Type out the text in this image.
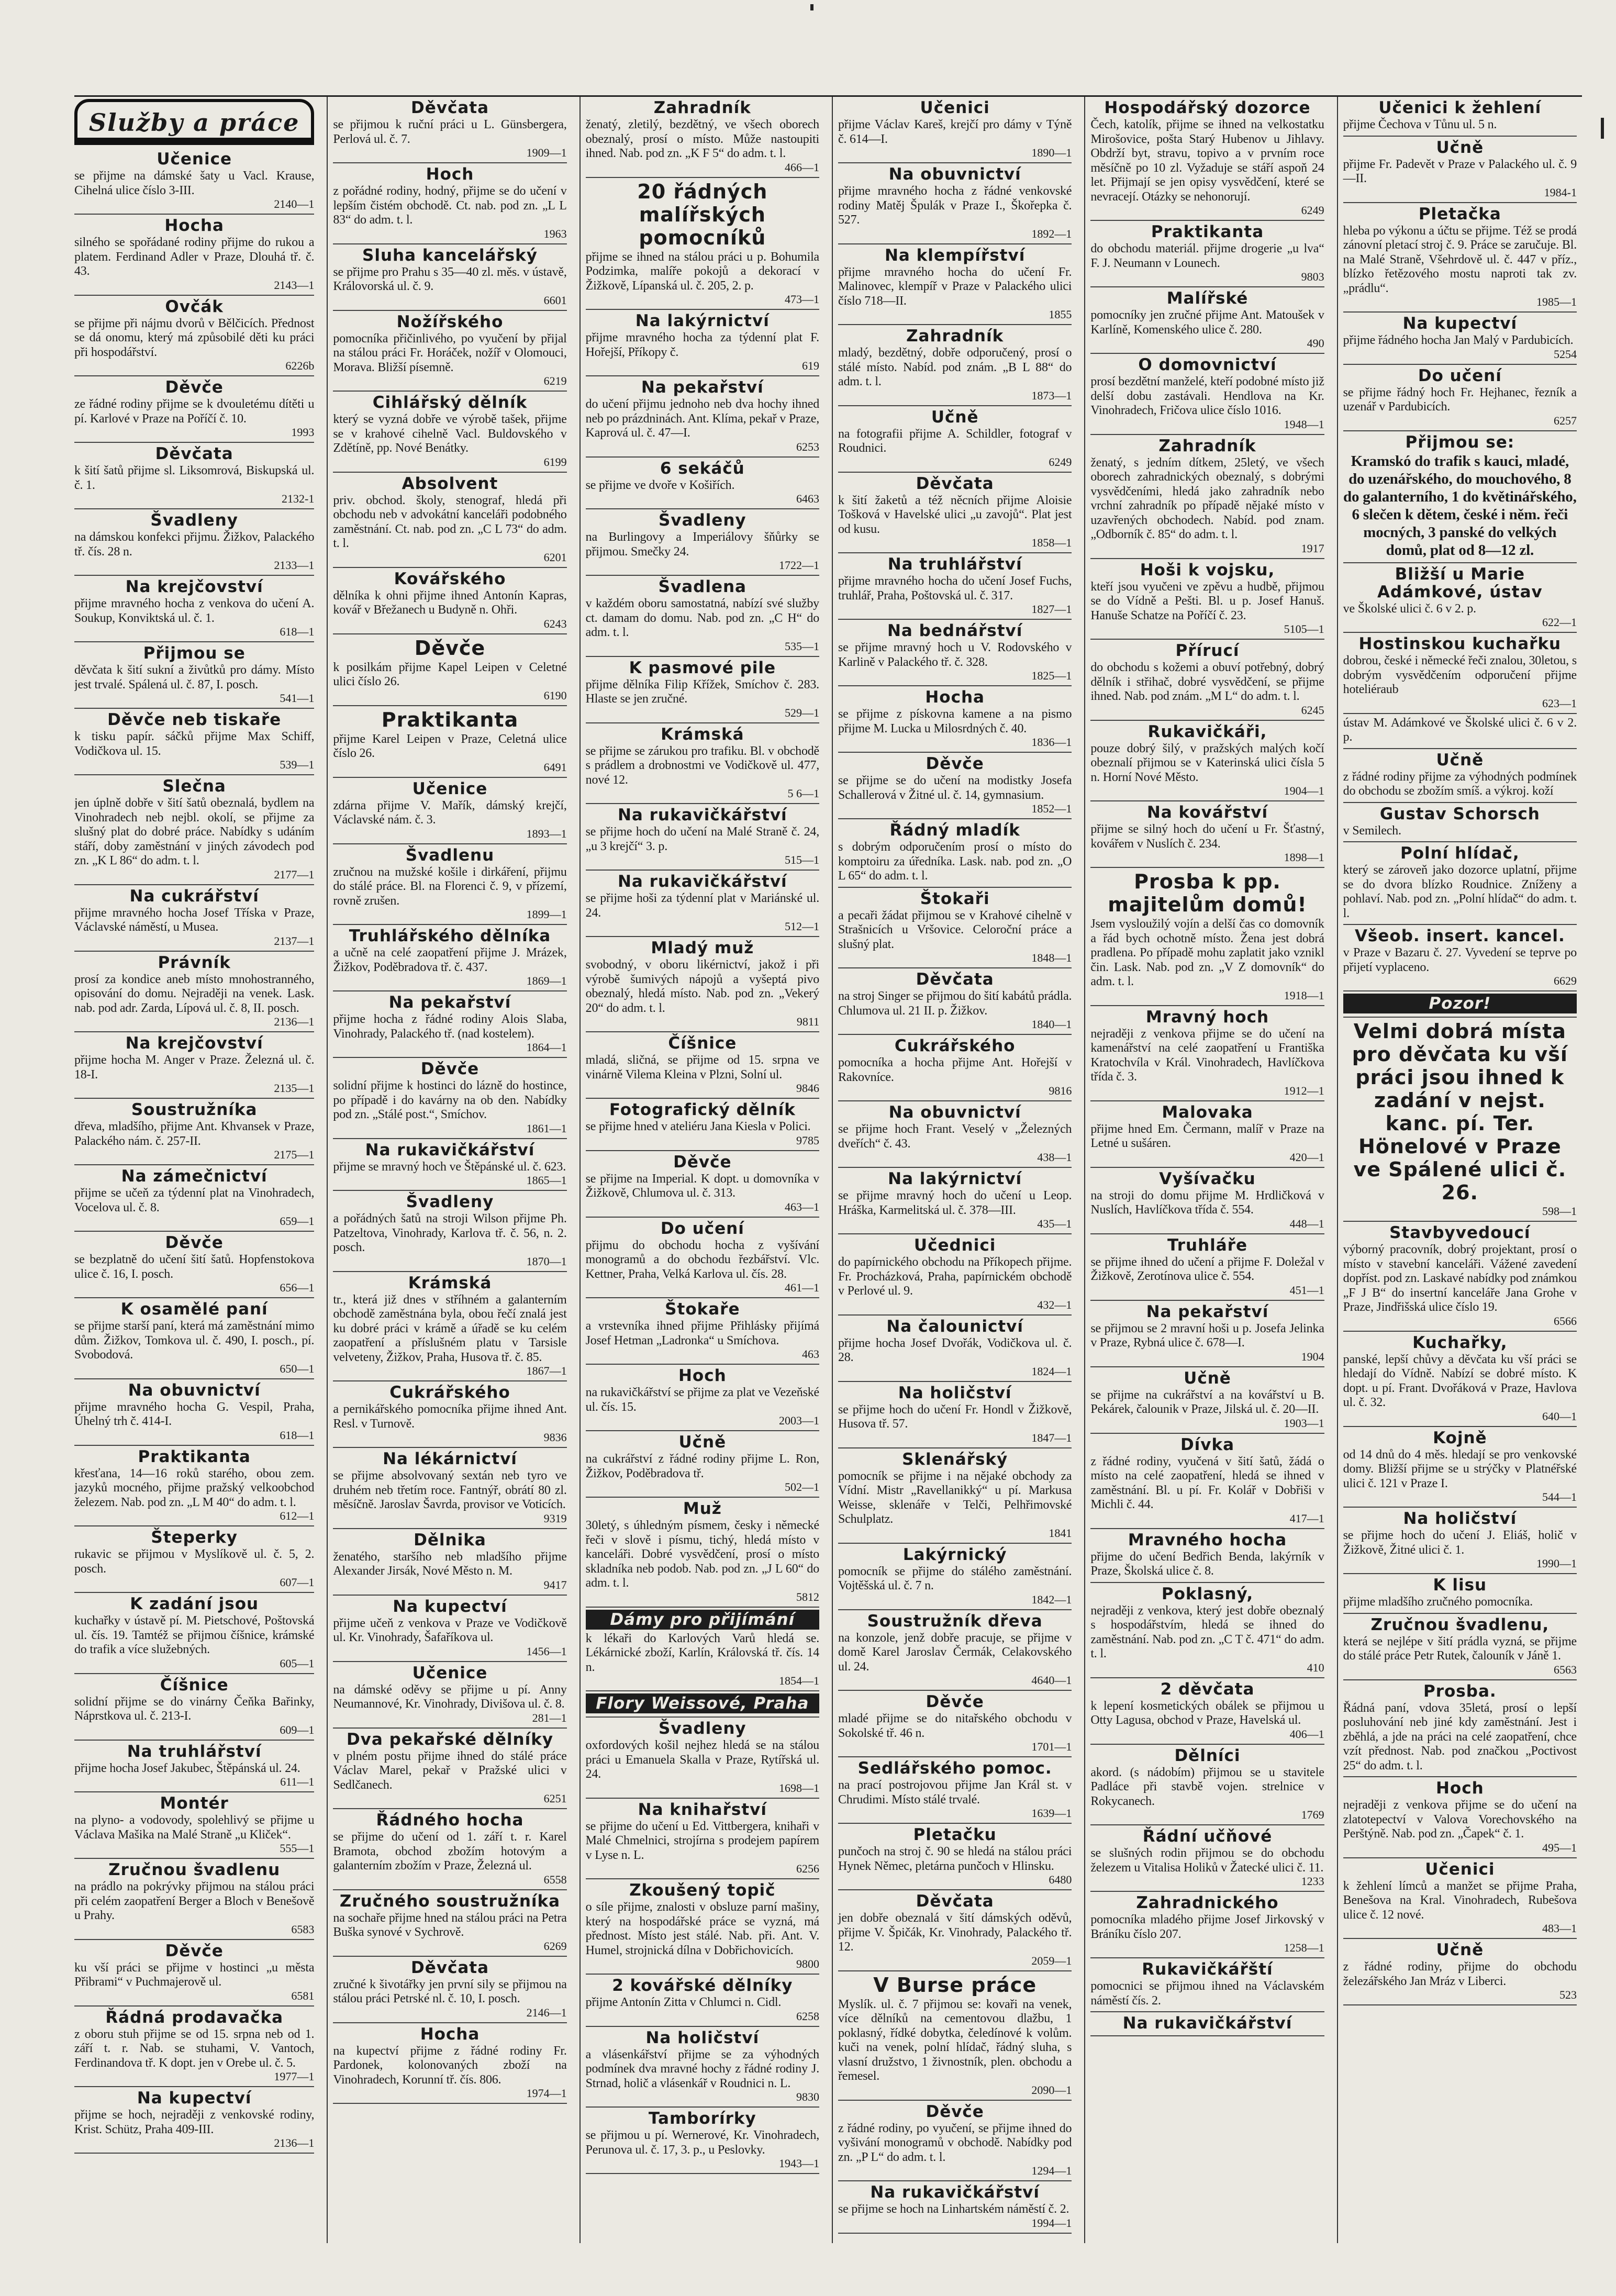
Služby a práce
Učenice

se přijme na dámské šaty u Vacl. Krause, Cihelná ulice číslo 3-III.

2140—1
Hocha

silného se spořádané rodiny přijme do rukou a platem. Ferdinand Adler v Praze, Dlouhá tř. č. 43.

2143—1
Ovčák

se přijme při nájmu dvorů v Bělčicích. Přednost se dá onomu, který má způsobilé děti ku práci při hospodářství.

6226b
Děvče

ze řádné rodiny přijme se k dvouletému dítěti u pí. Karlové v Praze na Poříčí č. 10.

1993
Děvčata

k šití šatů přijme sl. Liksomrová, Biskupská ul. č. 1.

2132-1
Švadleny

na dámskou konfekci přijmu. Žižkov, Palackého tř. čís. 28 n.

2133—1
Na krejčovství

přijme mravného hocha z venkova do učení A. Soukup, Konviktská ul. č. 1.

618—1
Přijmou se

děvčata k šití sukní a živůtků pro dámy. Místo jest trvalé. Spálená ul. č. 87, I. posch.

541—1
Děvče neb tiskaře

k tisku papír. sáčků přijme Max Schiff, Vodičkova ul. 15.

539—1
Slečna

jen úplně dobře v šití šatů obeznalá, bydlem na Vinohradech neb nejbl. okolí, se přijme za slušný plat do dobré práce. Nabídky s udáním stáří, doby zaměstnání v jiných závodech pod zn. „K L 86“ do adm. t. l.

2177—1
Na cukrářství

přijme mravného hocha Josef Tříska v Praze, Václavské náměstí, u Musea.

2137—1
Právník

prosí za kondice aneb místo mnohostranného, opisování do domu. Nejraději na venek. Lask. nab. pod adr. Zarda, Lípová ul. č. 8, II. posch.

2136—1
Na krejčovství

přijme hocha M. Anger v Praze. Železná ul. č. 18-I.

2135—1
Soustružníka

dřeva, mladšího, přijme Ant. Khvansek v Praze, Palackého nám. č. 257-II.

2175—1
Na zámečnictví

přijme se učeň za týdenní plat na Vinohradech, Vocelova ul. č. 8.

659—1
Děvče

se bezplatně do učení šití šatů. Hopfenstokova ulice č. 16, I. posch.

656—1
K osamělé paní

se přijme starší paní, která má zaměstnání mimo dům. Žižkov, Tomkova ul. č. 490, I. posch., pí. Svobodová.

650—1
Na obuvnictví

přijme mravného hocha G. Vespil, Praha, Úhelný trh č. 414-I.

618—1
Praktikanta

křesťana, 14—16 roků starého, obou zem. jazyků mocného, přijme pražský velkoobchod železem. Nab. pod zn. „L M 40“ do adm. t. l.

612—1
Šteperky

rukavic se přijmou v Myslíkově ul. č. 5, 2. posch.

607—1
K zadání jsou

kuchařky v ústavě pí. M. Pietschové, Poštovská ul. čís. 19. Tamtéž se přijmou číšnice, krámské do trafik a více služebných.

605—1
Číšnice

solidní přijme se do vinárny Čeňka Bařinky, Náprstkova ul. č. 213-I.

609—1
Na truhlářství

přijme hocha Josef Jakubec, Štěpánská ul. 24.

611—1
Montér

na plyno- a vodovody, spolehlivý se přijme u Václava Mašika na Malé Straně „u Kliček“.

555—1
Zručnou švadlenu

na prádlo na pokrývky přijmou na stálou práci při celém zaopatření Berger a Bloch v Benešově u Prahy.

6583
Děvče

ku vší práci se přijme v hostinci „u města Přibrami“ v Puchmajerově ul.

6581
Řádná prodavačka

z oboru stuh přijme se od 15. srpna neb od 1. září t. r. Nab. se stuhami, V. Vantoch, Ferdinandova tř. K dopt. jen v Orebe ul. č. 5.

1977—1
Na kupectví

přijme se hoch, nejraději z venkovské rodiny, Krist. Schütz, Praha 409-III.

2136—1
Děvčata

se přijmou k ruční práci u L. Günsbergera, Perlová ul. č. 7.

1909—1
Hoch

z pořádné rodiny, hodný, přijme se do učení v lepším čistém obchodě. Ct. nab. pod zn. „L L 83“ do adm. t. l.

1963
Sluha kancelářský

se přijme pro Prahu s 35—40 zl. měs. v ústavě, Královorská ul. č. 9.

6601
Nožířského

pomocníka přičinlivého, po vyučení by přijal na stálou práci Fr. Horáček, nožíř v Olomouci, Morava. Bližší písemně.

6219
Cihlářský dělník

který se vyzná dobře ve výrobě tašek, přijme se v krahové cihelně Vacl. Buldovského v Zdětíně, pp. Nové Benátky.

6199
Absolvent

priv. obchod. školy, stenograf, hledá při obchodu neb v advokátní kanceláři podobného zaměstnání. Ct. nab. pod zn. „C L 73“ do adm. t. l.

6201
Kovářského

dělníka k ohni přijme ihned Antonín Kapras, kovář v Břežanech u Budyně n. Ohři.

6243
Děvče

k posilkám přijme Kapel Leipen v Celetné ulici číslo 26.

6190
Praktikanta

přijme Karel Leipen v Praze, Celetná ulice číslo 26.

6491
Učenice

zdárna přijme V. Mařík, dámský krejčí, Václavské nám. č. 3.

1893—1
Švadlenu

zručnou na mužské košile i dirkáření, přijmu do stálé práce. Bl. na Florenci č. 9, v přízemí, rovně zrušen.

1899—1
Truhlářského dělníka

a učně na celé zaopatření přijme J. Mrázek, Žižkov, Poděbradova tř. č. 437.

1869—1
Na pekařství

přijme hocha z řádné rodiny Alois Slaba, Vinohrady, Palackého tř. (nad kostelem).

1864—1
Děvče

solidní přijme k hostinci do lázně do hostince, po případě i do kavárny na ob den. Nabídky pod zn. „Stálé post.“, Smíchov.

1861—1
Na rukavičkářství

přijme se mravný hoch ve Štěpánské ul. č. 623.

1865—1
Švadleny

a pořádných šatů na stroji Wilson přijme Ph. Patzeltova, Vinohrady, Karlova tř. č. 56, n. 2. posch.

1870—1
Krámská

tr., která již dnes v stříhném a galanterním obchodě zaměstnána byla, obou řečí znalá jest ku dobré práci v krámě a úřadě se ku celém zaopatření a příslušném platu v Tarsisle velveteny, Žižkov, Praha, Husova tř. č. 85.

1867—1
Cukrářského

a pernikářského pomocníka přijme ihned Ant. Resl. v Turnově.

9836
Na lékárnictví

se přijme absolvovaný sextán neb tyro ve druhém neb třetím roce. Fantnýř, obrátí 80 zl. měsíčně. Jaroslav Šavrda, provisor ve Voticích.

9319
Dělnika

ženatého, staršího neb mladšího přijme Alexander Jirsák, Nové Město n. M.

9417
Na kupectví

přijme učeň z venkova v Praze ve Vodičkově ul. Kr. Vinohrady, Šafaříkova ul.

1456—1
Učenice

na dámské oděvy se přijme u pí. Anny Neumannové, Kr. Vinohrady, Divišova ul. č. 8.

281—1
Dva pekařské dělníky

v plném postu přijme ihned do stálé práce Václav Marel, pekař v Pražské ulici v Sedlčanech.

6251
Řádného hocha

se přijme do učení od 1. září t. r. Karel Bramota, obchod zbožím hotovým a galanterním zbožím v Praze, Železná ul.

6558
Zručného soustružníka

na sochaře přijme hned na stálou práci na Petra Buška synové v Sychrově.

6269
Děvčata

zručné k šivotářky jen první sily se přijmou na stálou práci Petrské nl. č. 10, I. posch.

2146—1
Hocha

na kupectví přijme z řádné rodiny Fr. Pardonek, kolonovaných zboží na Vinohradech, Korunní tř. čís. 806.

1974—1
Zahradník

ženatý, zletilý, bezdětný, ve všech oborech obeznalý, prosí o místo. Může nastoupiti ihned. Nab. pod zn. „K F 5“ do adm. t. l.

466—1
20 řádných malířských pomocníků

přijme se ihned na stálou práci u p. Bohumila Podzimka, malíře pokojů a dekorací v Žižkově, Lípanská ul. č. 205, 2. p.

473—1
Na lakýrnictví

přijme mravného hocha za týdenní plat F. Hořejší, Příkopy č.

619
Na pekařství

do učení přijmu jednoho neb dva hochy ihned neb po prázdninách. Ant. Klíma, pekař v Praze, Kaprová ul. č. 47—I.

6253
6 sekáčů

se přijme ve dvoře v Košiřích.

6463
Švadleny

na Burlingovy a Imperiálovy šňůrky se přijmou. Smečky 24.

1722—1
Švadlena

v každém oboru samostatná, nabízí své služby ct. damam do domu. Nab. pod zn. „C H“ do adm. t. l.

535—1
K pasmové pile

přijme dělníka Filip Křížek, Smíchov č. 283. Hlaste se jen zručné.

529—1
Krámská

se přijme se zárukou pro trafiku. Bl. v obchodě s prádlem a drobnostmi ve Vodičkově ul. 477, nové 12.

5 6—1
Na rukavičkářství

se přijme hoch do učení na Malé Straně č. 24, „u 3 krejčí“ 3. p.

515—1
Na rukavičkářství

se přijme hoši za týdenní plat v Mariánské ul. 24.

512—1
Mladý muž

svobodný, v oboru likérnictví, jakož i při výrobě šumivých nápojů a vyšeptá pivo obeznalý, hledá místo. Nab. pod zn. „Vekerý 20“ do adm. t. l.

9811
Číšnice

mladá, sličná, se přijme od 15. srpna ve vinárně Vilema Kleina v Plzni, Solní ul.

9846
Fotografický dělník

se přijme hned v ateliéru Jana Kiesla v Polici.

9785
Děvče

se přijme na Imperial. K dopt. u domovníka v Žižkově, Chlumova ul. č. 313.

463—1
Do učení

přijmu do obchodu hocha z vyšívání monogramů a do obchodu řezbářství. Vlc. Kettner, Praha, Velká Karlova ul. čís. 28.

461—1
Štokaře

a vrstevníka ihned přijme Přihlásky přijímá Josef Hetman „Ladronka“ u Smíchova.

463
Hoch

na rukavičkářství se přijme za plat ve Vezeňské ul. čís. 15.

2003—1
Učně

na cukrářství z řádné rodiny přijme L. Ron, Žižkov, Poděbradova tř.

502—1
Muž

30letý, s úhledným písmem, česky i německé řeči v slově i písmu, tichý, hledá místo v kanceláři. Dobré vysvědčení, prosí o místo skladníka neb podob. Nab. pod zn. „J L 60“ do adm. t. l.

5812
Dámy pro přijímání

k lékaři do Karlových Varů hledá se. Lékárnické zboží, Karlín, Královská tř. čís. 14 n.

1854—1
Flory Weissové, Praha
Švadleny

oxfordových košil nejhez hledá se na stálou práci u Emanuela Skalla v Praze, Rytířská ul. 24.

1698—1
Na knihařství

se přijme do učení u Ed. Vittbergera, knihaři v Malé Chmelnici, strojírna s prodejem papírem v Lyse n. L.

6256
Zkoušený topič

o síle přijme, znalosti v obsluze parní mašiny, který na hospodářské práce se vyzná, má přednost. Místo jest stálé. Nab. při. Ant. V. Humel, strojnická dílna v Dobřichovicích.

9800
2 kovářské dělníky

přijme Antonín Zitta v Chlumci n. Cidl.

6258
Na holičství

a vlásenkářství přijme se za výhodných podmínek dva mravné hochy z řádné rodiny J. Strnad, holič a vlásenkář v Roudnici n. L.

9830
Tamborírky

se přijmou u pí. Wernerové, Kr. Vinohradech, Perunova ul. č. 17, 3. p., u Peslovky.

1943—1
Učenici

přijme Václav Kareš, krejčí pro dámy v Týně č. 614—I.

1890—1
Na obuvnictví

přijme mravného hocha z řádné venkovské rodiny Matěj Špulák v Praze I., Škořepka č. 527.

1892—1
Na klempířství

přijme mravného hocha do učení Fr. Malinovec, klempíř v Praze v Palackého ulici číslo 718—II.

1855
Zahradník

mladý, bezdětný, dobře odporučený, prosí o stálé místo. Nabíd. pod znám. „B L 88“ do adm. t. l.

1873—1
Učně

na fotografii přijme A. Schildler, fotograf v Roudnici.

6249
Děvčata

k šití žaketů a též něcních přijme Aloisie Tošková v Havelské ulici „u zavojů“. Plat jest od kusu.

1858—1
Na truhlářství

přijme mravného hocha do učení Josef Fuchs, truhlář, Praha, Poštovská ul. č. 317.

1827—1
Na bednářství

se přijme mravný hoch u V. Rodovského v Karlině v Palackého tř. č. 328.

1825—1
Hocha

se přijme z pískovna kamene a na pismo přijme M. Lucka u Milosrdných č. 40.

1836—1
Děvče

se přijme se do učení na modistky Josefa Schallerová v Žitné ul. č. 14, gymnasium.

1852—1
Řádný mladík

s dobrým odporučením prosí o místo do komptoiru za úředníka. Lask. nab. pod zn. „O L 65“ do adm. t. l.

Štokaři

a pecaři žádat přijmou se v Krahové cihelně v Strašnicích u Vršovice. Celoroční práce a slušný plat.

1848—1
Děvčata

na stroj Singer se přijmou do šití kabátů prádla. Chlumova ul. 21 II. p. Žižkov.

1840—1
Cukrářského

pomocníka a hocha přijme Ant. Hořejší v Rakovníce.

9816
Na obuvnictví

se přijme hoch Frant. Veselý v „Železných dveřích“ č. 43.

438—1
Na lakýrnictví

se přijme mravný hoch do učení u Leop. Hráška, Karmelitská ul. č. 378—III.

435—1
Učednici

do papírnického obchodu na Příkopech přijme. Fr. Procházková, Praha, papírnickém obchodě v Perlové ul. 9.

432—1
Na čalounictví

přijme hocha Josef Dvořák, Vodičkova ul. č. 28.

1824—1
Na holičství

se přijme hoch do učení Fr. Hondl v Žižkově, Husova tř. 57.

1847—1
Sklenářský

pomocník se přijme i na nějaké obchody za Vídní. Mistr „Ravellanikký“ u pí. Markusa Weisse, sklenáře v Telči, Pelhřimovské Schulplatz.

1841
Lakýrnický

pomocník se přijme do stálého zaměstnání. Vojtěšská ul. č. 7 n.

1842—1
Soustružník dřeva

na konzole, jenž dobře pracuje, se přijme v domě Karel Jaroslav Čermák, Celakovského ul. 24.

4640—1
Děvče

mladé přijme se do nitařského obchodu v Sokolské tř. 46 n.

1701—1
Sedlářského pomoc.

na prací postrojovou přijme Jan Král st. v Chrudimi. Místo stálé trvalé.

1639—1
Pletačku

punčoch na stroj č. 90 se hledá na stálou práci Hynek Němec, pletárna punčoch v Hlinsku.

6480
Děvčata

jen dobře obeznalá v šití dámských oděvů, přijme V. Špičák, Kr. Vinohrady, Palackého tř. 12.

2059—1
V Burse práce

Myslík. ul. č. 7 přijmou se: kovaři na venek, více dělníků na cementovou dlažbu, 1 poklasný, řídké dobytka, čeledínové k volům. kuči na venek, polní hlídač, řádný sluha, s vlasní družstvo, 1 živnostník, plen. obchodu a řemesel.

2090—1
Děvče

z řádné rodiny, po vyučení, se přijme ihned do vyšivání monogramů v obchodě. Nabídky pod zn. „P L“ do adm. t. l.

1294—1
Na rukavičkářství

se přijme se hoch na Linhartském náměstí č. 2.

1994—1
Hospodářský dozorce

Čech, katolík, přijme se ihned na velkostatku Mirošovice, pošta Starý Hubenov u Jihlavy. Obdrží byt, stravu, topivo a v prvním roce měsíčně po 10 zl. Vyžaduje se stáří aspoň 24 let. Přijmají se jen opisy vysvědčení, které se nevracejí. Otázky se nehonorují.

6249
Praktikanta

do obchodu materiál. přijme drogerie „u lva“ F. J. Neumann v Lounech.

9803
Malířské

pomocníky jen zručné přijme Ant. Matoušek v Karlíně, Komenského ulice č. 280.

490
O domovnictví

prosí bezdětní manželé, kteří podobné místo již delší dobu zastávali. Hendlova na Kr. Vinohradech, Fričova ulice číslo 1016.

1948—1
Zahradník

ženatý, s jedním dítkem, 25letý, ve všech oborech zahradnických obeznalý, s dobrými vysvědčeními, hledá jako zahradník nebo vrchní zahradník po případě nějaké místo v uzavřených obchodech. Nabíd. pod znam. „Odborník č. 85“ do adm. t. l.

1917
Hoši k vojsku,

kteří jsou vyučeni ve zpěvu a hudbě, přijmou se do Vídně a Pešti. Bl. u p. Josef Hanuš. Hanuše Schatze na Poříčí č. 23.

5105—1
Přírucí

do obchodu s kožemi a obuví potřebný, dobrý dělník i střihač, dobré vysvědčení, se přijme ihned. Nab. pod znám. „M L“ do adm. t. l.

6245
Rukavičkáři,

pouze dobrý šilý, v pražských malých kočí obeznalí přijmou se v Katerinská ulici čísla 5 n. Horní Nové Město.

1904—1
Na kovářství

přijme se silný hoch do učení u Fr. Šťastný, kovářem v Nuslích č. 234.

1898—1
Prosba k pp. majitelům domů!

Jsem vysloužilý vojín a delší čas co domovník a řád bych ochotně místo. Žena jest dobrá pradlena. Po případě mohu zaplatit jako vznikl čin. Lask. Nab. pod zn. „V Z domovník“ do adm. t. l.

1918—1
Mravný hoch

nejraději z venkova přijme se do učení na kamenářství na celé zaopatření u Františka Kratochvíla v Král. Vinohradech, Havlíčkova třída č. 3.

1912—1
Malovaka

přijme hned Em. Čermann, malíř v Praze na Letné u sušáren.

420—1
Vyšívačku

na stroji do domu přijme M. Hrdličková v Nuslích, Havlíčkova třída č. 554.

448—1
Truhláře

se přijme ihned do učení a přijme F. Doležal v Žižkově, Zerotínova ulice č. 554.

451—1
Na pekařství

se přijmou se 2 mravní hoši u p. Josefa Jelinka v Praze, Rybná ulice č. 678—I.

1904
Učně

se přijme na cukrářství a na kovářství u B. Pekárek, čalounik v Praze, Jilská ul. č. 20—II.

1903—1
Dívka

z řádné rodiny, vyučená v šití šatů, žádá o místo na celé zaopatření, hledá se ihned v zaměstnání. Bl. u pí. Fr. Kolář v Dobřiši v Michli č. 44.

417—1
Mravného hocha

přijme do učení Bedřich Benda, lakýrník v Praze, Školská ulice č. 8.

Poklasný,

nejraději z venkova, který jest dobře obeznalý s hospodářstvím, hledá se ihned do zaměstnání. Nab. pod zn. „C T č. 471“ do adm. t. l.

410
2 děvčata

k lepení kosmetických obálek se přijmou u Otty Lagusa, obchod v Praze, Havelská ul.

406—1
Dělníci

akord. (s nádobím) přijmou se u stavitele Padláce při stavbě vojen. strelnice v Rokycanech.

1769
Řádní učňové

se slušných rodin přijmou se do obchodu železem u Vitalisa Holiků v Žatecké ulici č. 11.

1233
Zahradnického

pomocníka mladého přijme Josef Jirkovský v Bráníku číslo 207.

1258—1
Rukavičkářští

pomocnici se přijmou ihned na Václavském náměstí čís. 2.

Na rukavičkářství
Učenici k žehlení

přijme Čechova v Tůnu ul. 5 n.

Učně

přijme Fr. Padevět v Praze v Palackého ul. č. 9—II.

1984-1
Pletačka

hleba po výkonu a účtu se přijme. Též se prodá zánovní pletací stroj č. 9. Práce se zaručuje. Bl. na Malé Straně, Všehrdově ul. č. 447 v příz., blízko řetězového mostu naproti tak zv. „prádlu“.

1985—1
Na kupectví

přijme řádného hocha Jan Malý v Pardubicích.

5254
Do učení

se přijme řádný hoch Fr. Hejhanec, řezník a uzenář v Pardubicích.

6257
Přijmou se:

Kramskó do trafik s kauci, mladé, do uzenářského, do mouchového, 8 do galanterního, 1 do květinářského, 6 slečen k dětem, české i něm. řeči mocných, 3 panské do velkých domů, plat od 8—12 zl.

Bližší u Marie Adámkové, ústav

ve Školské ulici č. 6 v 2. p.

622—1
Hostinskou kuchařku

dobrou, české i německé řeči znalou, 30letou, s dobrým vysvědčením odporučení přijme hoteliéraub

623—1

ústav M. Adámkové ve Školské ulici č. 6 v 2. p.

Učně

z řádné rodiny přijme za výhodných podmínek do obchodu se zbožím smíš. a výkroj. koží

Gustav Schorsch

v Semilech.

Polní hlídač,

který se zároveň jako dozorce uplatní, přijme se do dvora blízko Roudnice. Zníženy a pohlaví. Nab. pod zn. „Polní hlídač“ do adm. t. l.

Všeob. insert. kancel.

v Praze v Bazaru č. 27. Vyvedení se teprve po přijetí vyplaceno.

6629
Pozor!
Velmi dobrá místa pro děvčata ku vší práci jsou ihned k zadání v nejst. kanc. pí. Ter. Hönelové v Praze ve Spálené ulici č. 26.
598—1
Stavbyvedoucí

výborný pracovník, dobrý projektant, prosí o místo v stavební kanceláři. Vážené zavedení dopříst. pod zn. Laskavé nabídky pod známkou „F J B“ do insertní kanceláře Jana Grohe v Praze, Jindřišská ulice číslo 19.

6566
Kuchařky,

panské, lepší chůvy a děvčata ku vší práci se hledají do Vídně. Nabízí se dobré místo. K dopt. u pí. Frant. Dvořáková v Praze, Havlova ul. č. 32.

640—1
Kojně

od 14 dnů do 4 měs. hledají se pro venkovské domy. Bližší přijme se u strýčky v Platnéřské ulici č. 121 v Praze I.

544—1
Na holičství

se přijme hoch do učení J. Eliáš, holič v Žižkově, Žitné ulici č. 1.

1990—1
K lisu

přijme mladšího zručného pomocníka.

Zručnou švadlenu,

která se nejlépe v šití prádla vyzná, se přijme do stálé práce Petr Rutek, čalouník v Jáně 1.

6563
Prosba.

Řádná paní, vdova 35letá, prosí o lepší posluhování neb jiné kdy zaměstnání. Jest i zběhlá, a jde na práci na celé zaopatření, chce vzít přednost. Nab. pod značkou „Poctivost 25“ do adm. t. l.

Hoch

nejraději z venkova přijme se do učení na zlatotepectví v Valova Vorechovského na Perštýně. Nab. pod zn. „Čapek“ č. 1.

495—1
Učenici

k žehlení límců a manžet se přijme Praha, Benešova na Kral. Vinohradech, Rubešova ulice č. 12 nové.

483—1
Učně

z řádné rodiny, přijme do obchodu železářského Jan Mráz v Liberci.

523
